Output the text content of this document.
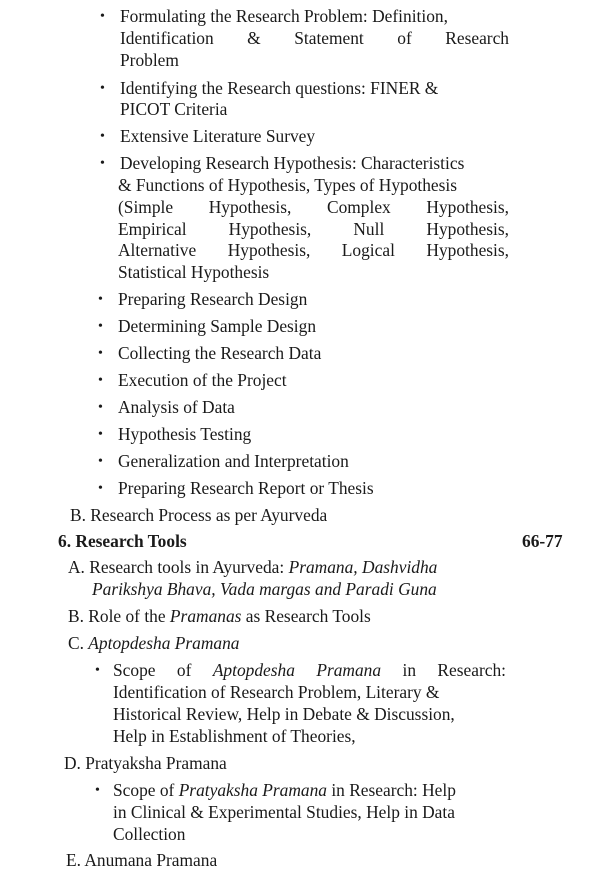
• Formulating the Research Problem: Definition,
Identification & Statement of Research
Problem
• Identifying the Research questions: FINER &
PICOT Criteria
• Extensive Literature Survey
• Developing Research Hypothesis: Characteristics
& Functions of Hypothesis, Types of Hypothesis
(Simple Hypothesis, Complex Hypothesis,
Empirical Hypothesis, Null Hypothesis,
Alternative Hypothesis, Logical Hypothesis,
Statistical Hypothesis
• Preparing Research Design
• Determining Sample Design
• Collecting the Research Data
• Execution of the Project
• Analysis of Data
• Hypothesis Testing
• Generalization and Interpretation
• Preparing Research Report or Thesis
B. Research Process as per Ayurveda
6. Research Tools	66-77
A. Research tools in Ayurveda: Pramana, Dashvidha
Parikshya Bhava, Vada margas and Paradi Guna
B. Role of the Pramanas as Research Tools
C. Aptopdesha Pramana
• Scope of Aptopdesha Pramana in Research:
Identification of Research Problem, Literary &
Historical Review, Help in Debate & Discussion,
Help in Establishment of Theories,
D. Pratyaksha Pramana
• Scope of Pratyaksha Pramana in Research: Help
in Clinical & Experimental Studies, Help in Data
Collection
E. Anumana Pramana
